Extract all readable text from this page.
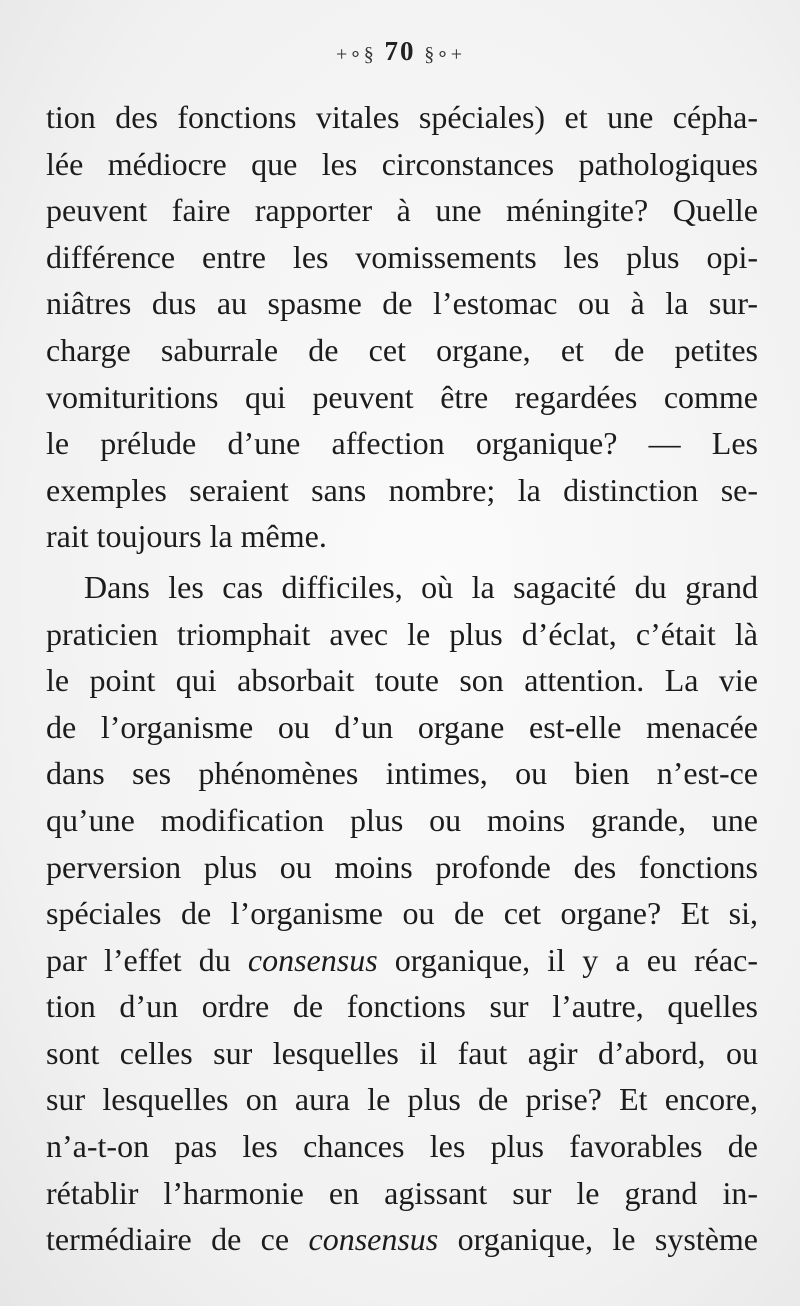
+∘§ 70 §∘+
tion des fonctions vitales spéciales) et une cépha-
lée médiocre que les circonstances pathologiques
peuvent faire rapporter à une méningite? Quelle
différence entre les vomissements les plus opi-
niâtres dus au spasme de l’estomac ou à la sur-
charge saburrale de cet organe, et de petites
vomituritions qui peuvent être regardées comme
le prélude d’une affection organique? — Les
exemples seraient sans nombre; la distinction se-
rait toujours la même.
Dans les cas difficiles, où la sagacité du grand
praticien triomphait avec le plus d’éclat, c’était là
le point qui absorbait toute son attention. La vie
de l’organisme ou d’un organe est-elle menacée
dans ses phénomènes intimes, ou bien n’est-ce
qu’une modification plus ou moins grande, une
perversion plus ou moins profonde des fonctions
spéciales de l’organisme ou de cet organe? Et si,
par l’effet du consensus organique, il y a eu réac-
tion d’un ordre de fonctions sur l’autre, quelles
sont celles sur lesquelles il faut agir d’abord, ou
sur lesquelles on aura le plus de prise? Et encore,
n’a-t-on pas les chances les plus favorables de
rétablir l’harmonie en agissant sur le grand in-
termédiaire de ce consensus organique, le système
